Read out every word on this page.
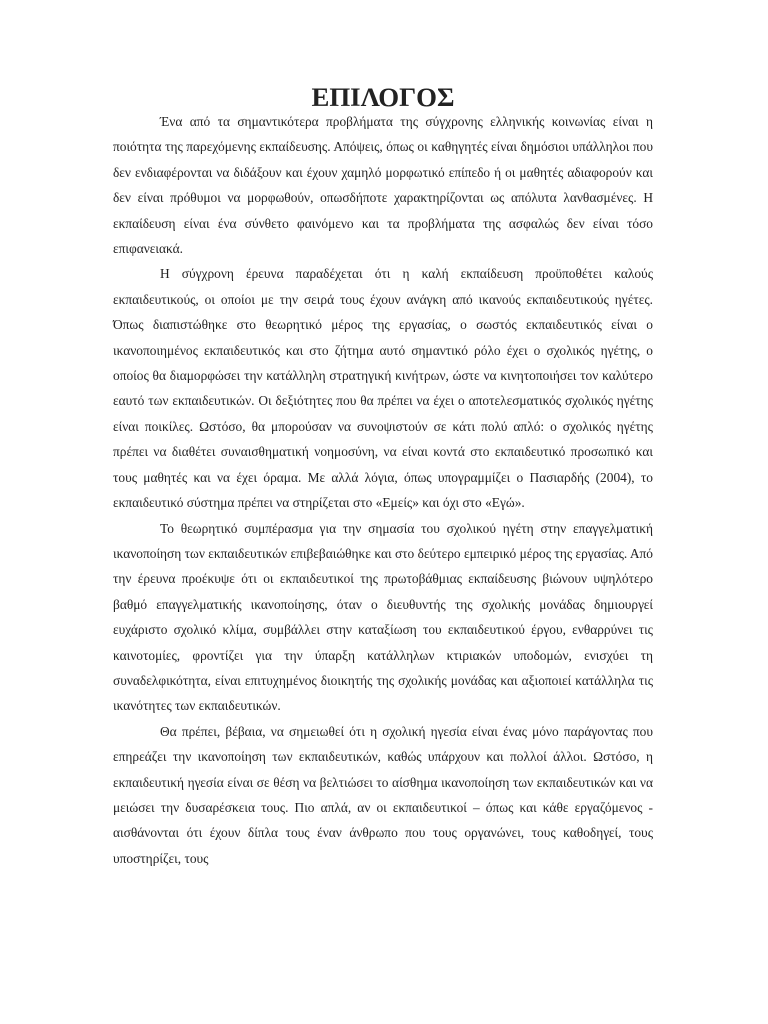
ΕΠΙΛΟΓΟΣ

Ένα από τα σημαντικότερα προβλήματα της σύγχρονης ελληνικής κοινωνίας είναι η ποιότητα της παρεχόμενης εκπαίδευσης. Απόψεις, όπως οι καθηγητές είναι δημόσιοι υπάλληλοι που δεν ενδιαφέρονται να διδάξουν και έχουν χαμηλό μορφωτικό επίπεδο ή οι μαθητές αδιαφορούν και δεν είναι πρόθυμοι να μορφωθούν, οπωσδήποτε χαρακτηρίζονται ως απόλυτα λανθασμένες. Η εκπαίδευση είναι ένα σύνθετο φαινόμενο και τα προβλήματα της ασφαλώς δεν είναι τόσο επιφανειακά.

Η σύγχρονη έρευνα παραδέχεται ότι η καλή εκπαίδευση προϋποθέτει καλούς εκπαιδευτικούς, οι οποίοι με την σειρά τους έχουν ανάγκη από ικανούς εκπαιδευτικούς ηγέτες. Όπως διαπιστώθηκε στο θεωρητικό μέρος της εργασίας, ο σωστός εκπαιδευτικός είναι ο ικανοποιημένος εκπαιδευτικός και στο ζήτημα αυτό σημαντικό ρόλο έχει ο σχολικός ηγέτης, ο οποίος θα διαμορφώσει την κατάλληλη στρατηγική κινήτρων, ώστε να κινητοποιήσει τον καλύτερο εαυτό των εκπαιδευτικών. Οι δεξιότητες που θα πρέπει να έχει ο αποτελεσματικός σχολικός ηγέτης είναι ποικίλες. Ωστόσο, θα μπορούσαν να συνοψιστούν σε κάτι πολύ απλό: ο σχολικός ηγέτης πρέπει να διαθέτει συναισθηματική νοημοσύνη, να είναι κοντά στο εκπαιδευτικό προσωπικό και τους μαθητές και να έχει όραμα. Με αλλά λόγια, όπως υπογραμμίζει ο Πασιαρδής (2004), το εκπαιδευτικό σύστημα πρέπει να στηρίζεται στο «Εμείς» και όχι στο «Εγώ».

Το θεωρητικό συμπέρασμα για την σημασία του σχολικού ηγέτη στην επαγγελματική ικανοποίηση των εκπαιδευτικών επιβεβαιώθηκε και στο δεύτερο εμπειρικό μέρος της εργασίας. Από την έρευνα προέκυψε ότι οι εκπαιδευτικοί της πρωτοβάθμιας εκπαίδευσης βιώνουν υψηλότερο βαθμό επαγγελματικής ικανοποίησης, όταν ο διευθυντής της σχολικής μονάδας δημιουργεί ευχάριστο σχολικό κλίμα, συμβάλλει στην καταξίωση του εκπαιδευτικού έργου, ενθαρρύνει τις καινοτομίες, φροντίζει για την ύπαρξη κατάλληλων κτιριακών υποδομών, ενισχύει τη συναδελφικότητα, είναι επιτυχημένος διοικητής της σχολικής μονάδας και αξιοποιεί κατάλληλα τις ικανότητες των εκπαιδευτικών.

Θα πρέπει, βέβαια, να σημειωθεί ότι η σχολική ηγεσία είναι ένας μόνο παράγοντας που επηρεάζει την ικανοποίηση των εκπαιδευτικών, καθώς υπάρχουν και πολλοί άλλοι. Ωστόσο, η εκπαιδευτική ηγεσία είναι σε θέση να βελτιώσει το αίσθημα ικανοποίηση των εκπαιδευτικών και να μειώσει την δυσαρέσκεια τους. Πιο απλά, αν οι εκπαιδευτικοί – όπως και κάθε εργαζόμενος - αισθάνονται ότι έχουν δίπλα τους έναν άνθρωπο που τους οργανώνει, τους καθοδηγεί, τους υποστηρίζει, τους
